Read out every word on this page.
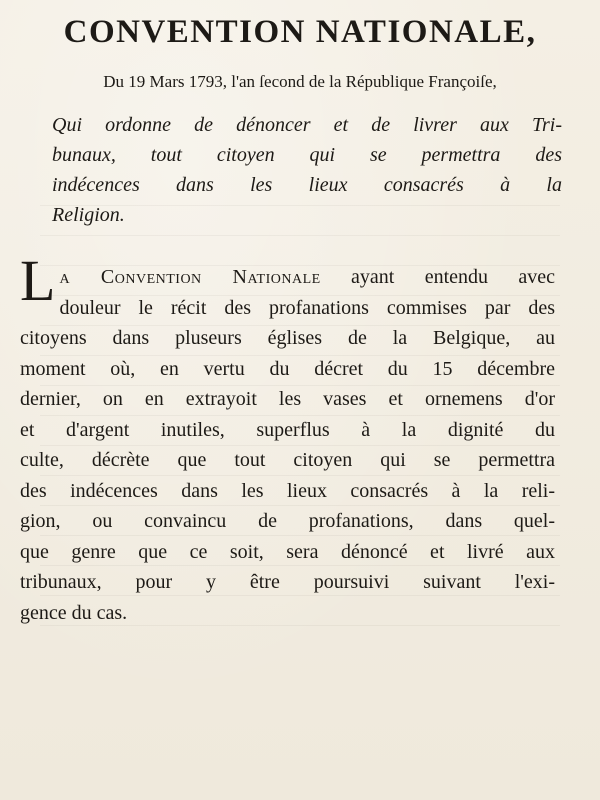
CONVENTION NATIONALE,

Du 19 Mars 1793, l'an ſecond de la République Françoiſe,

Qui ordonne de dénoncer et de livrer aux Tri-
bunaux, tout citoyen qui se permettra des
indécences dans les lieux consacrés à la
Religion.
La Convention Nationale ayant entendu avec
douleur le récit des profanations commises par des
citoyens dans pluseurs églises de la Belgique, au
moment où, en vertu du décret du 15 décembre
dernier, on en extrayoit les vases et ornemens d'or
et d'argent inutiles, superflus à la dignité du
culte, décrète que tout citoyen qui se permettra
des indécences dans les lieux consacrés à la reli-
gion, ou convaincu de profanations, dans quel-
que genre que ce soit, sera dénoncé et livré aux
tribunaux, pour y être poursuivi suivant l'exi-
gence du cas.
